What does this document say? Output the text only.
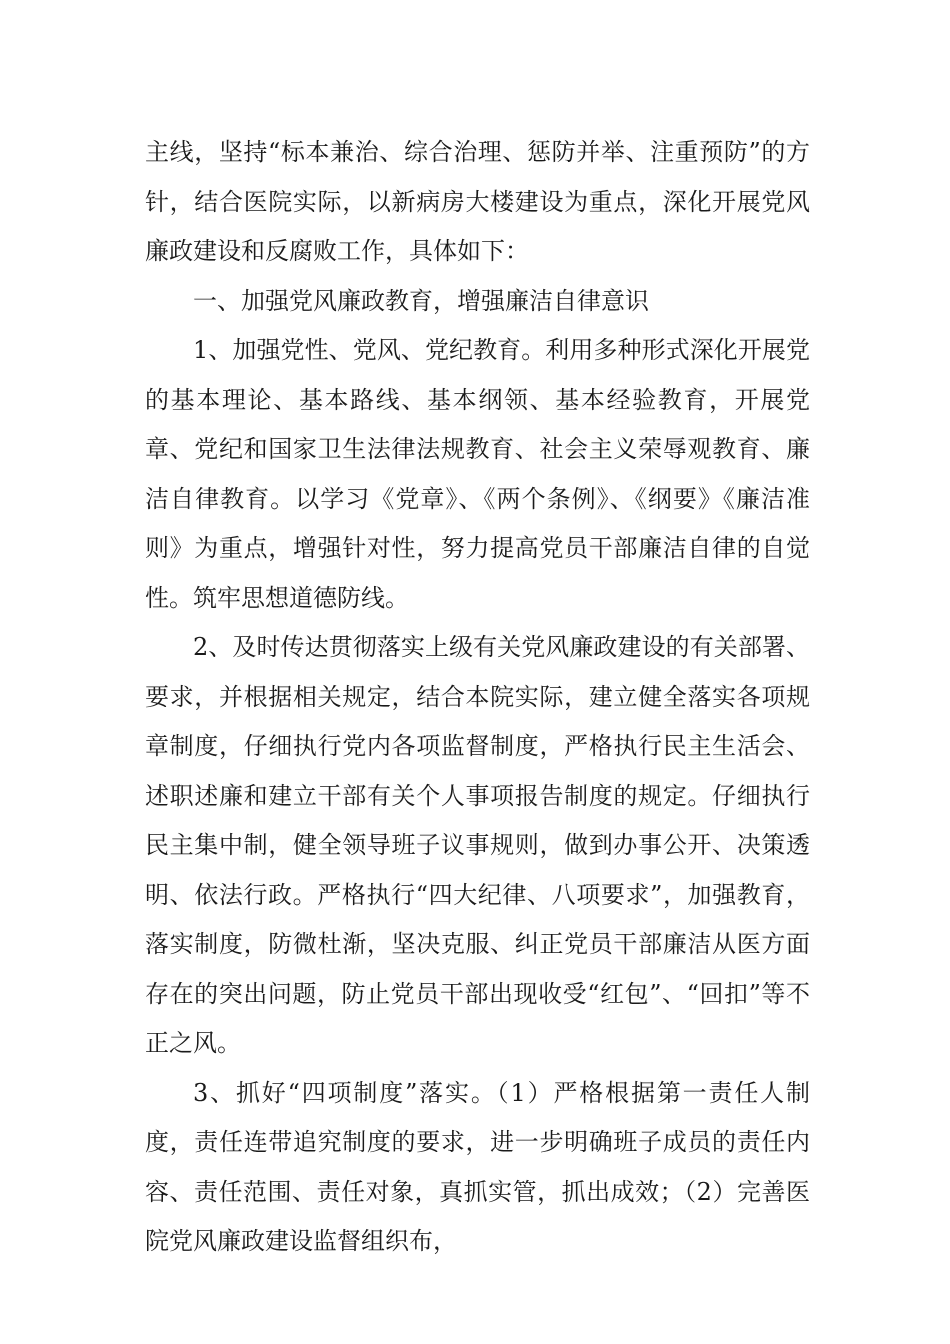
主线，坚持“标本兼治、综合治理、惩防并举、注重预防”的方针，结合医院实际，以新病房大楼建设为重点，深化开展党风廉政建设和反腐败工作，具体如下：

一、加强党风廉政教育，增强廉洁自律意识

1、加强党性、党风、党纪教育。利用多种形式深化开展党的基本理论、基本路线、基本纲领、基本经验教育，开展党章、党纪和国家卫生法律法规教育、社会主义荣辱观教育、廉洁自律教育。以学习《党章》、《两个条例》、《纲要》《廉洁准则》为重点，增强针对性，努力提高党员干部廉洁自律的自觉性。筑牢思想道德防线。

2、及时传达贯彻落实上级有关党风廉政建设的有关部署、要求，并根据相关规定，结合本院实际，建立健全落实各项规章制度，仔细执行党内各项监督制度，严格执行民主生活会、述职述廉和建立干部有关个人事项报告制度的规定。仔细执行民主集中制，健全领导班子议事规则，做到办事公开、决策透明、依法行政。严格执行“四大纪律、八项要求”，加强教育，落实制度，防微杜渐，坚决克服、纠正党员干部廉洁从医方面存在的突出问题，防止党员干部出现收受“红包”、“回扣”等不正之风。

3、抓好“四项制度”落实。（1）严格根据第一责任人制度，责任连带追究制度的要求，进一步明确班子成员的责任内容、责任范围、责任对象，真抓实管，抓出成效；（2）完善医院党风廉政建设监督组织布，
